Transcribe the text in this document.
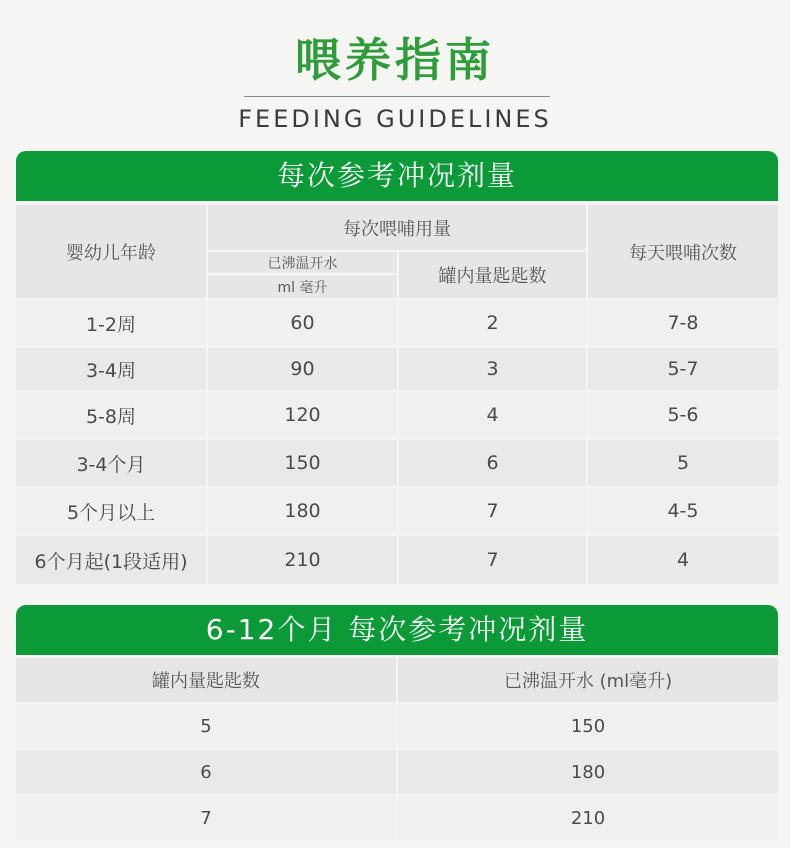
喂养指南
FEEDING GUIDELINES
每次参考冲况剂量
婴幼儿年龄
每次喂哺用量
已沸温开水
ml 毫升
罐内量匙匙数
每天喂哺次数
1-2周	60	2	7-8
3-4周	90	3	5-7
5-8周	120	4	5-6
3-4个月	150	6	5
5个月以上	180	7	4-5
6个月起(1段适用)	210	7	4
6-12个月 每次参考冲况剂量
罐内量匙匙数	已沸温开水 (ml毫升)
5	150
6	180
7	210
